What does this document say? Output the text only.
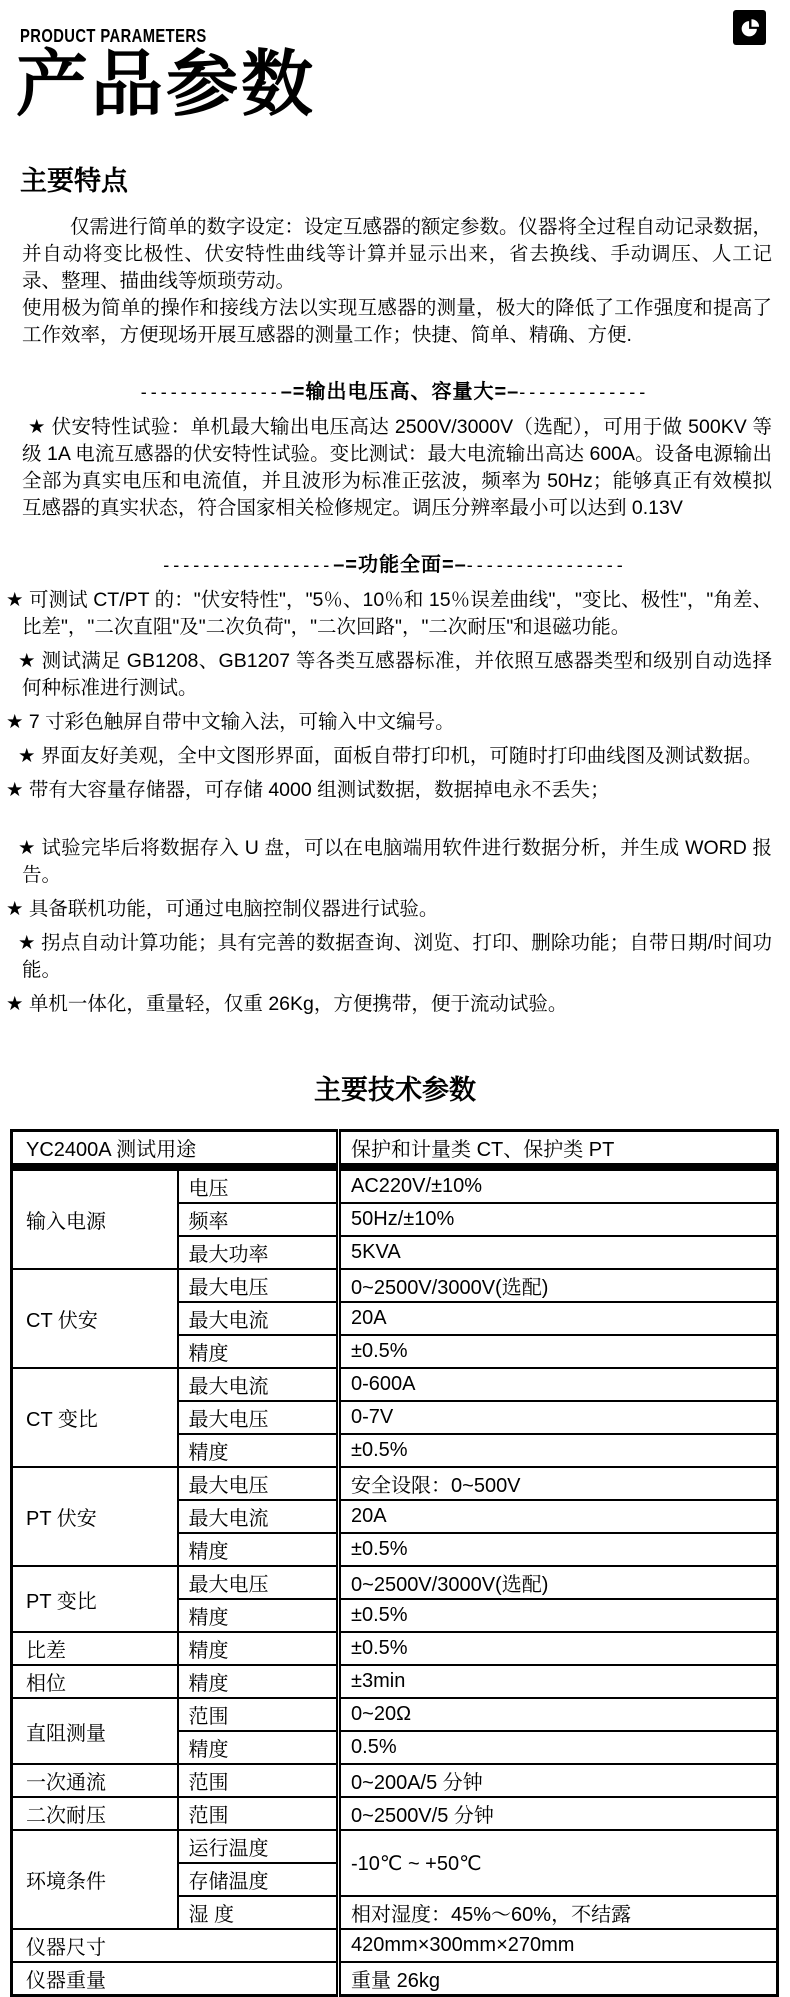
PRODUCT PARAMETERS
产品参数
主要特点

仅需进行简单的数字设定：设定互感器的额定参数。仪器将全过程自动记录数据，并自动将变比极性、伏安特性曲线等计算并显示出来，省去换线、手动调压、人工记录、整理、描曲线等烦琐劳动。

使用极为简单的操作和接线方法以实现互感器的测量，极大的降低了工作强度和提高了工作效率，方便现场开展互感器的测量工作；快捷、简单、精确、方便.

--------------–=输出电压高、容量大=–-------------

★ 伏安特性试验：单机最大输出电压高达 2500V/3000V（选配），可用于做 500KV 等级 1A 电流互感器的伏安特性试验。变比测试：最大电流输出高达 600A。设备电源输出全部为真实电压和电流值，并且波形为标准正弦波，频率为 50Hz；能够真正有效模拟互感器的真实状态，符合国家相关检修规定。调压分辨率最小可以达到 0.13V

-----------------–=功能全面=–----------------

★ 可测试 CT/PT 的："伏安特性"，"5％、10％和 15％误差曲线"，"变比、极性"，"角差、比差"，"二次直阻"及"二次负荷"，"二次回路"，"二次耐压"和退磁功能。

★ 测试满足 GB1208、GB1207 等各类互感器标准，并依照互感器类型和级别自动选择何种标准进行测试。

★ 7 寸彩色触屏自带中文输入法，可输入中文编号。

★ 界面友好美观，全中文图形界面，面板自带打印机，可随时打印曲线图及测试数据。

★ 带有大容量存储器，可存储 4000 组测试数据，数据掉电永不丢失；

★ 试验完毕后将数据存入 U 盘，可以在电脑端用软件进行数据分析，并生成 WORD 报告。

★ 具备联机功能，可通过电脑控制仪器进行试验。

★ 拐点自动计算功能；具有完善的数据查询、浏览、打印、删除功能；自带日期/时间功能。

★ 单机一体化，重量轻，仅重 26Kg，方便携带，便于流动试验。

主要技术参数
YC2400A 测试用途		保护和计量类 CT、保护类 PT

输入电源	电压	AC220V/±10%
	频率	50Hz/±10%
	最大功率	5KVA
CT 伏安	最大电压	0~2500V/3000V(选配)
	最大电流	20A
	精度	±0.5%
CT 变比	最大电流	0-600A
	最大电压	0-7V
	精度	±0.5%
PT 伏安	最大电压	安全设限：0~500V
	最大电流	20A
	精度	±0.5%
PT 变比	最大电压	0~2500V/3000V(选配)
	精度	±0.5%
比差	精度	±0.5%
相位	精度	±3min
直阻测量	范围	0~20Ω
	精度	0.5%
一次通流	范围	0~200A/5 分钟
二次耐压	范围	0~2500V/5 分钟
环境条件	运行温度	-10℃ ~ +50℃
	存储温度	
	湿 度	相对湿度：45%～60%，不结露
仪器尺寸		420mm×300mm×270mm
仪器重量		重量 26kg
